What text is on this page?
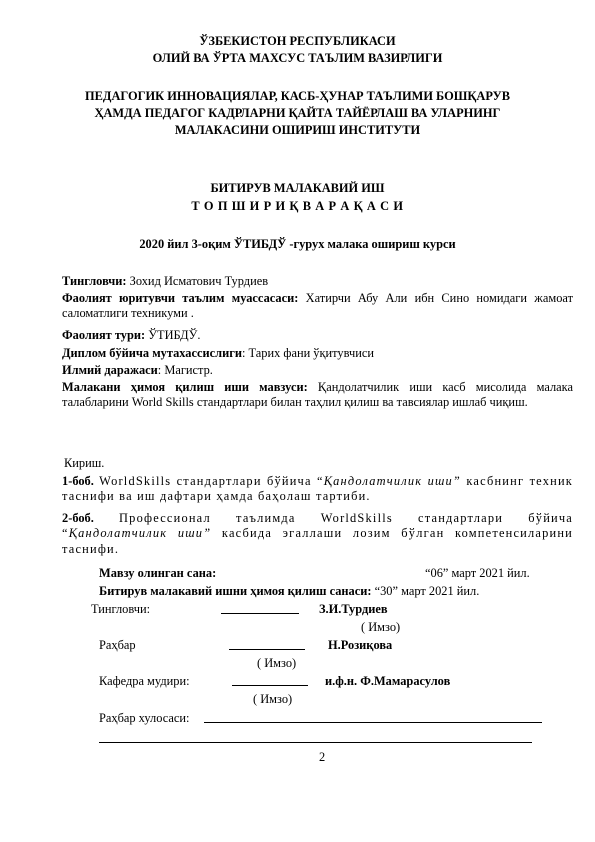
ЎЗБЕКИСТОН РЕСПУБЛИКАСИ
ОЛИЙ ВА ЎРТА МАХСУС ТАЪЛИМ ВАЗИРЛИГИ
ПЕДАГОГИК ИННОВАЦИЯЛАР, КАСБ-ҲУНАР ТАЪЛИМИ БОШҚАРУВ
ҲАМДА ПЕДАГОГ КАДРЛАРНИ ҚАЙТА ТАЙЁРЛАШ ВА УЛАРНИНГ
МАЛАКАСИНИ ОШИРИШ ИНСТИТУТИ
БИТИРУВ МАЛАКАВИЙ ИШ
Т О П Ш И Р И Қ В А Р А Қ А С И
2020 йил 3-оқим ЎТИБДЎ -гурух малака ошириш курси
Тингловчи: Зохид Исматович Турдиев
Фаолият юритувчи таълим муассасаси: Хатирчи Абу Али ибн Сино номидаги жамоат саломатлиги техникуми .
Фаолият тури: ЎТИБДЎ.
Диплом бўйича мутахассислиги: Тарих фани ўқитувчиси
Илмий даражаси: Магистр.
Малакани ҳимоя қилиш иши мавзуси: Қандолатчилик иши касб мисолида малака талабларини World Skills стандартлари билан таҳлил қилиш ва тавсиялар ишлаб чиқиш.
Кириш.
1-боб. WorldSkills стандартлари бўйича “Қандолатчилик иши” касбнинг техник таснифи ва иш дафтари ҳамда баҳолаш тартиби.
2-боб. Профессионал таълимда WorldSkills стандартлари бўйича “Қандолатчилик иши” касбида эгаллаши лозим бўлган компетенсиларини таснифи.
Мавзу олинган сана:	“06” март 2021 йил.
Битирув малакавий ишни ҳимоя қилиш санаси: “30” март 2021 йил.
Тингловчи:	З.И.Турдиев
( Имзо)
Раҳбар	Н.Розиқова
( Имзо)
Кафедра мудири:	и.ф.н. Ф.Мамарасулов
( Имзо)
Раҳбар хулосаси:
2
